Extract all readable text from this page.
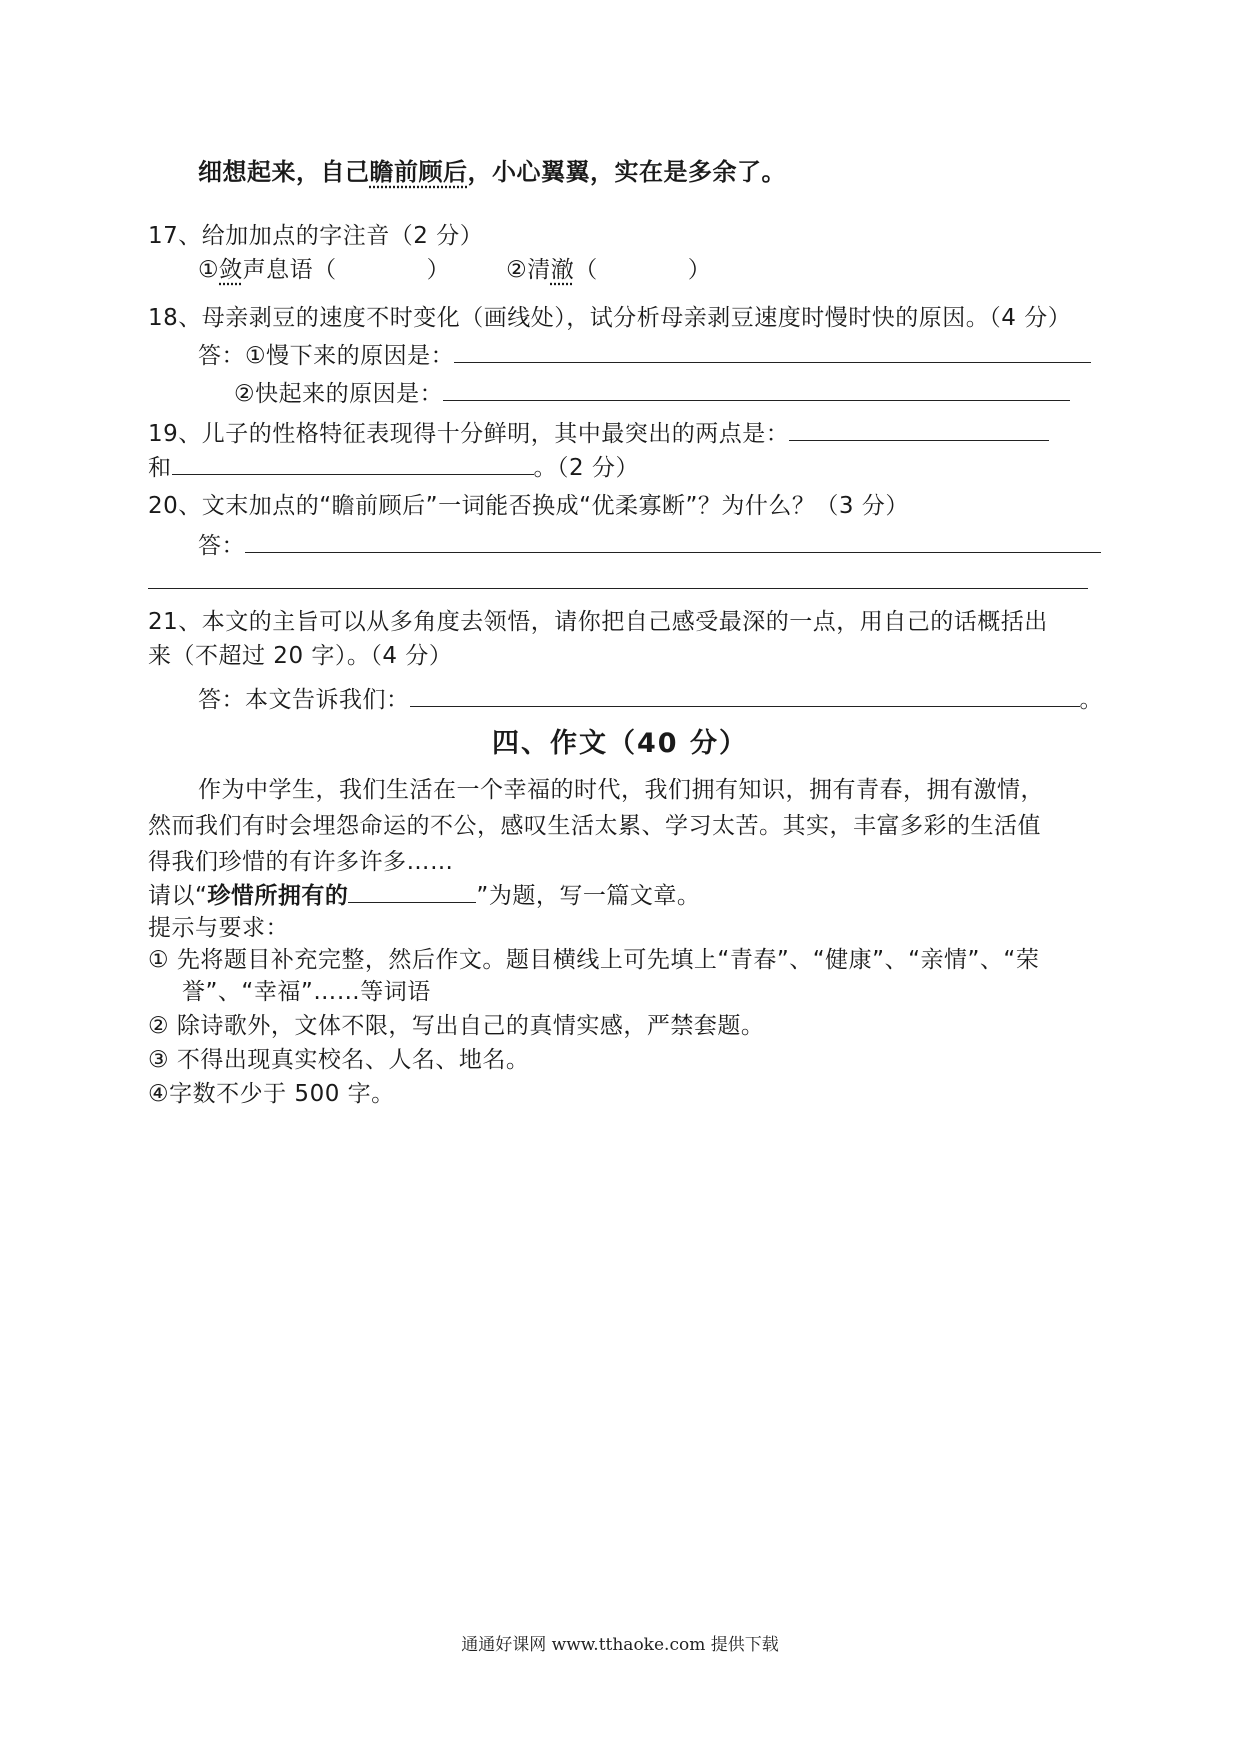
细想起来，自己瞻前顾后，小心翼翼，实在是多余了。
17、给加加点的字注音（2 分）
①敛声息语（	） ②清澈（	）
18、母亲剥豆的速度不时变化（画线处），试分析母亲剥豆速度时慢时快的原因。（4 分）
答：①慢下来的原因是：
②快起来的原因是：
19、儿子的性格特征表现得十分鲜明，其中最突出的两点是：
和	。（2 分）
20、文末加点的“瞻前顾后”一词能否换成“优柔寡断”？为什么？（3 分）
答：
21、本文的主旨可以从多角度去领悟，请你把自己感受最深的一点，用自己的话概括出
来（不超过 20 字）。（4 分）
答：本文告诉我们：	。
四、作文（40 分）
作为中学生，我们生活在一个幸福的时代，我们拥有知识，拥有青春，拥有激情，
然而我们有时会埋怨命运的不公，感叹生活太累、学习太苦。其实，丰富多彩的生活值
得我们珍惜的有许多许多……
请以“珍惜所拥有的	”为题，写一篇文章。
提示与要求：
① 先将题目补充完整，然后作文。题目横线上可先填上“青春”、“健康”、“亲情”、“荣
誉”、“幸福”……等词语
② 除诗歌外，文体不限，写出自己的真情实感，严禁套题。
③ 不得出现真实校名、人名、地名。
④字数不少于 500 字。
通通好课网 www.tthaoke.com 提供下载
